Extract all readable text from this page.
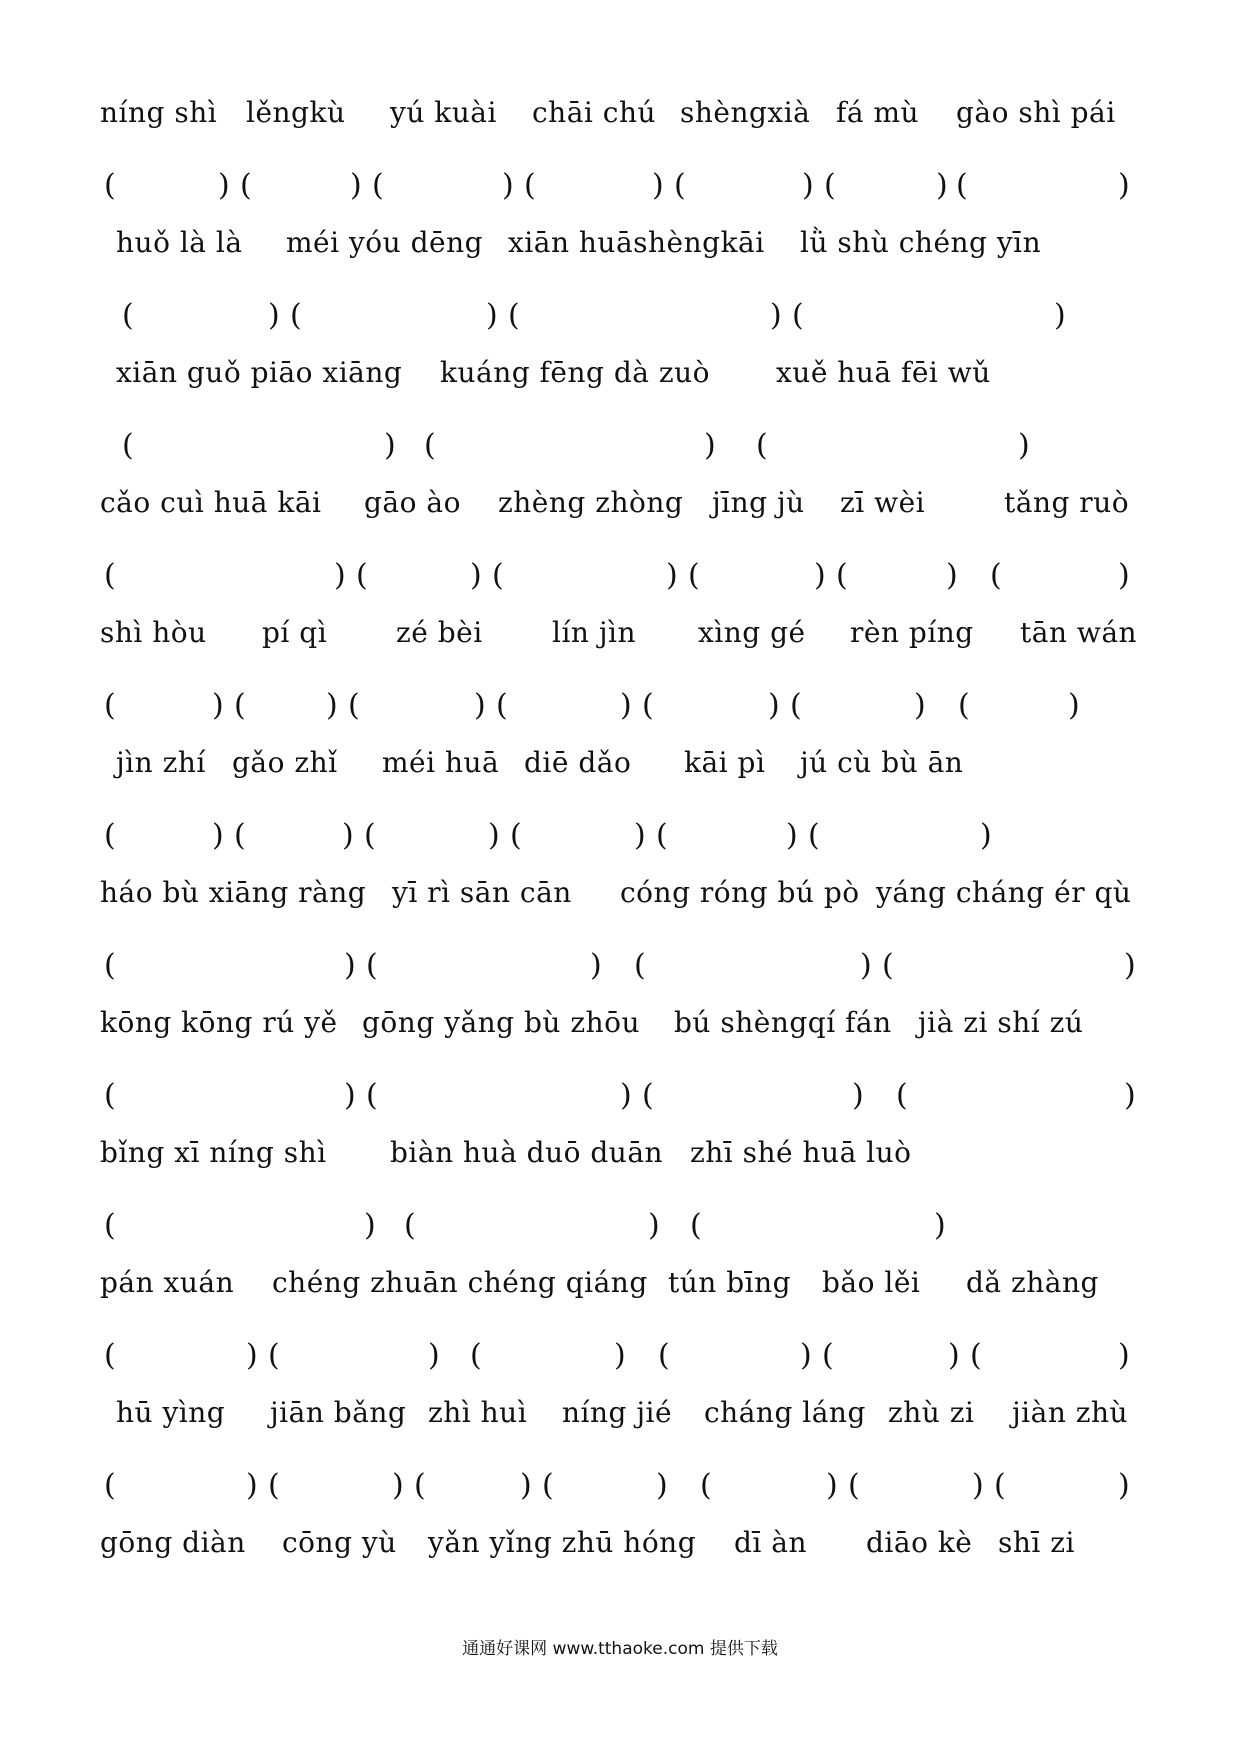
níng shì lěngkù yú kuài chāi chú shèngxià fá mù gào shì pái
(	) (	) (	) (	) (	) (	) (	)
huǒ là là méi yóu dēng xiān huāshèngkāi lǜ shù chéng yīn
(	) (	) (	) (	)
xiān guǒ piāo xiāng kuáng fēng dà zuò xuě huā fēi wǔ
(	) (	) (	)
cǎo cuì huā kāi gāo ào zhèng zhòng jīng jù zī wèi	tǎng ruò
(	) (	) (	) (	) (	) (	)
shì hòu pí qì zé bèi lín jìn xìng gé rèn píng tān wán
(	) (	) (	) (	) (	) (	) (	)
jìn zhí gǎo zhǐ méi huā diē dǎo kāi pì jú cù bù ān
(	) (	) (	) (	) (	) (	)
háo bù xiāng ràng yī rì sān cān cóng róng bú pò yáng cháng ér qù
(	) (	) (	) (	)
kōng kōng rú yě gōng yǎng bù zhōu bú shèngqí fán jià zi shí zú
(	) (	) (	) (	)
bǐng xī níng shì biàn huà duō duān zhī shé huā luò
(	) (	) (	)
pán xuán chéng zhuān chéng qiáng tún bīng bǎo lěi dǎ zhàng
(	) (	) (	) (	) (	) (	)
hū yìng jiān bǎng zhì huì níng jié cháng láng zhù zi jiàn zhù
(	) (	) (	) (	) (	) (	) (	)
gōng diàn cōng yù yǎn yǐng zhū hóng dī àn diāo kè shī zi
通通好课网 www.tthaoke.com 提供下载
